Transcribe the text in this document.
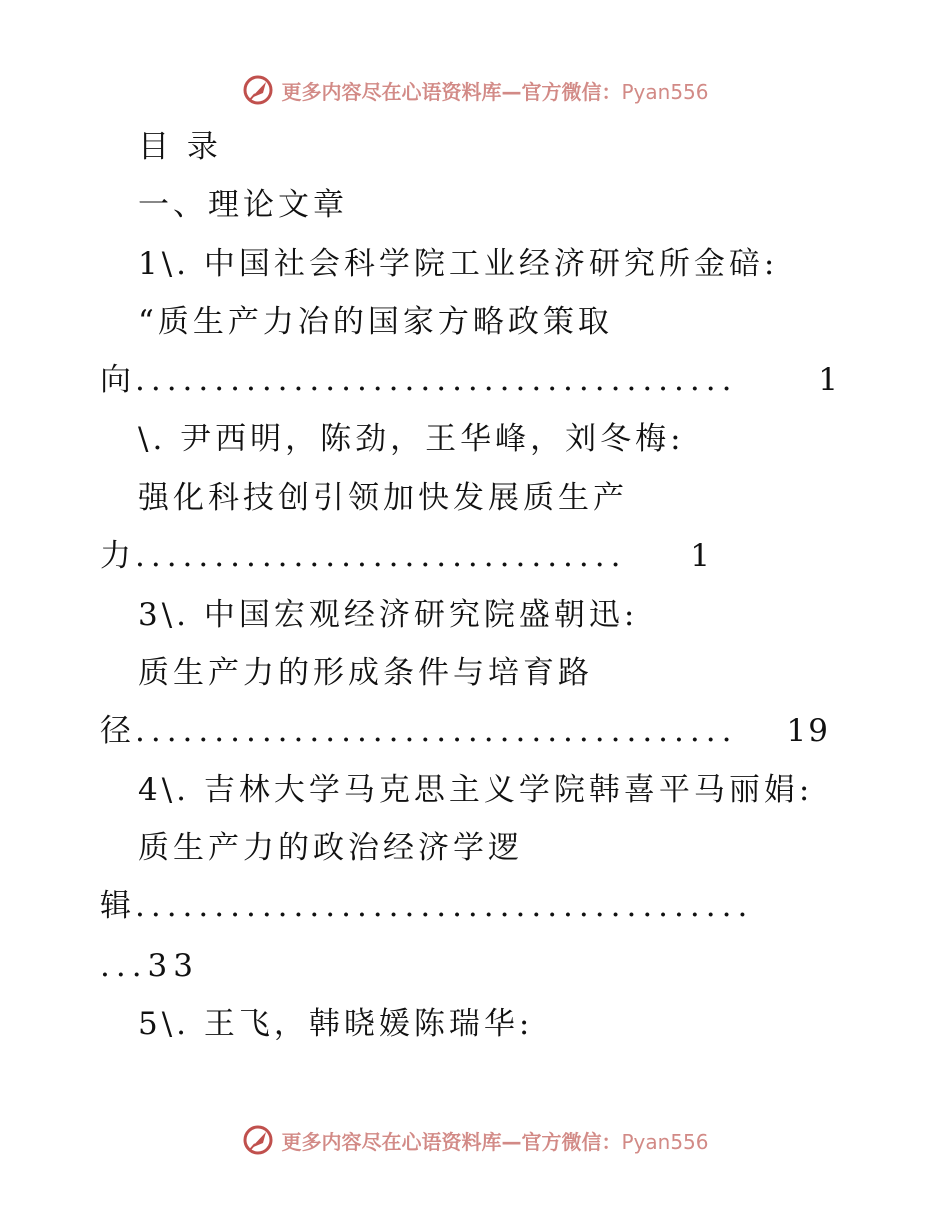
更多内容尽在心语资料库—官方微信：Pyan556
目 录
一、理论文章
1\. 中国社会科学院工业经济研究所金碚:
“质生产力冶的国家方略政策取
向 ......................................	1
\. 尹西明，陈劲，王华峰，刘冬梅:
强化科技创引领加快发展质生产
力 ...............................	1
3\. 中国宏观经济研究院盛朝迅:
质生产力的形成条件与培育路
径 ......................................	19
4\. 吉林大学马克思主义学院韩喜平马丽娟:
质生产力的政治经济学逻
辑 .......................................
...33
5\. 王飞，韩晓媛陈瑞华:
更多内容尽在心语资料库—官方微信：Pyan556
